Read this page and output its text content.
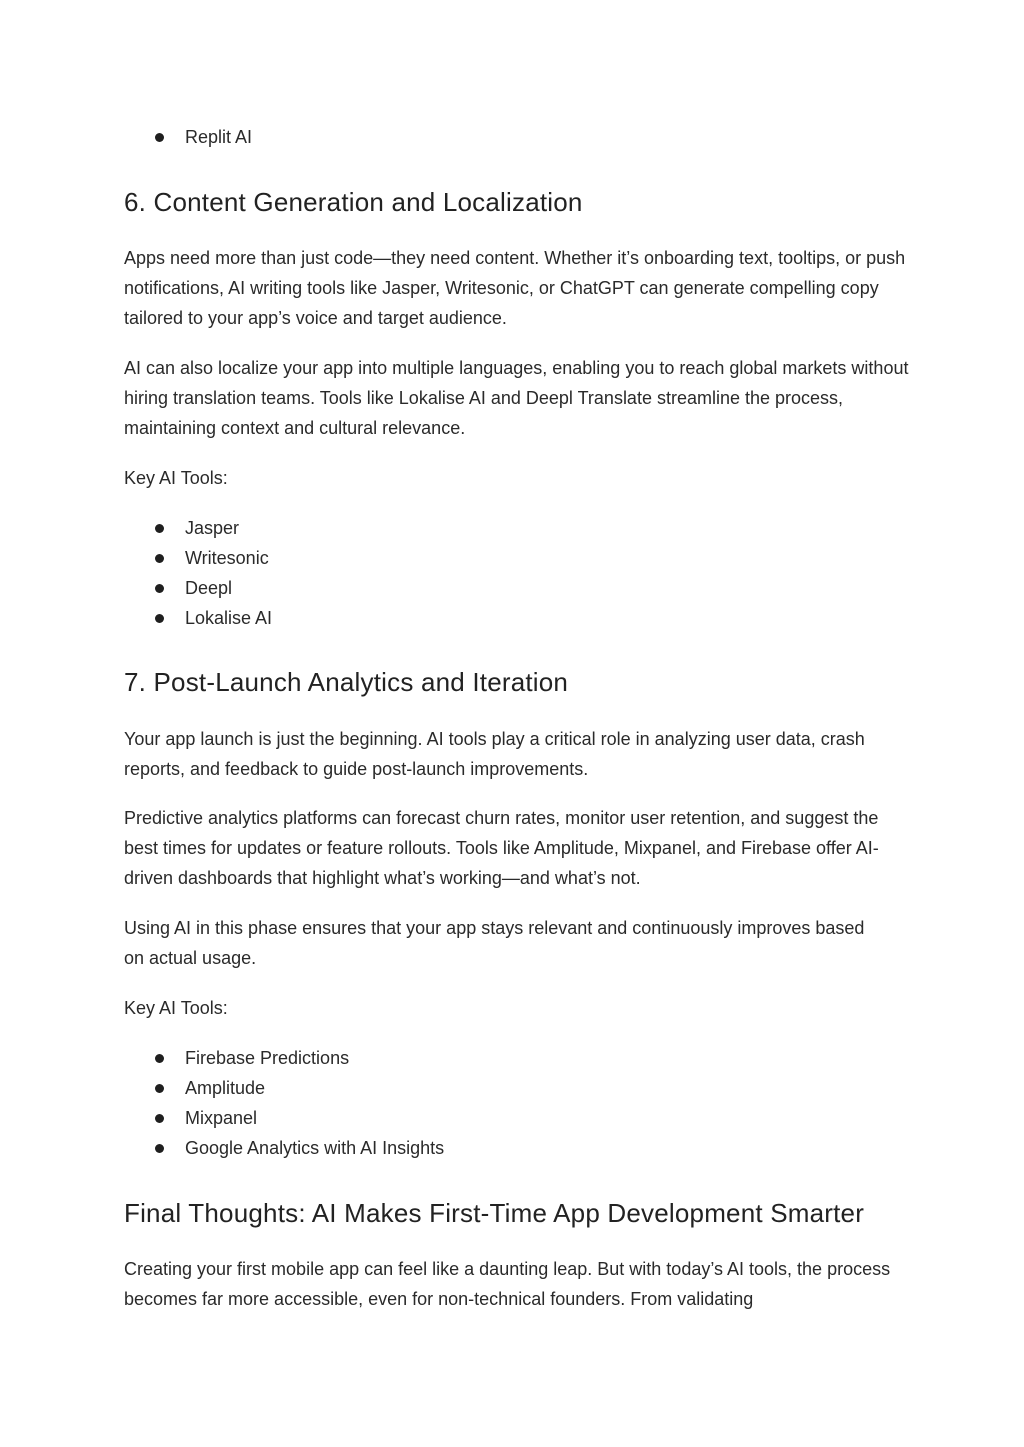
Replit AI
6. Content Generation and Localization

Apps need more than just code—they need content. Whether it’s onboarding text, tooltips, or push notifications, AI writing tools like Jasper, Writesonic, or ChatGPT can generate compelling copy tailored to your app’s voice and target audience.

AI can also localize your app into multiple languages, enabling you to reach global markets without hiring translation teams. Tools like Lokalise AI and Deepl Translate streamline the process, maintaining context and cultural relevance.

Key AI Tools:

Jasper
Writesonic
Deepl
Lokalise AI
7. Post-Launch Analytics and Iteration

Your app launch is just the beginning. AI tools play a critical role in analyzing user data, crash reports, and feedback to guide post-launch improvements.

Predictive analytics platforms can forecast churn rates, monitor user retention, and suggest the best times for updates or feature rollouts. Tools like Amplitude, Mixpanel, and Firebase offer AI-driven dashboards that highlight what’s working—and what’s not.

Using AI in this phase ensures that your app stays relevant and continuously improves based on actual usage.

Key AI Tools:

Firebase Predictions
Amplitude
Mixpanel
Google Analytics with AI Insights
Final Thoughts: AI Makes First-Time App Development Smarter

Creating your first mobile app can feel like a daunting leap. But with today’s AI tools, the process becomes far more accessible, even for non-technical founders. From validating
